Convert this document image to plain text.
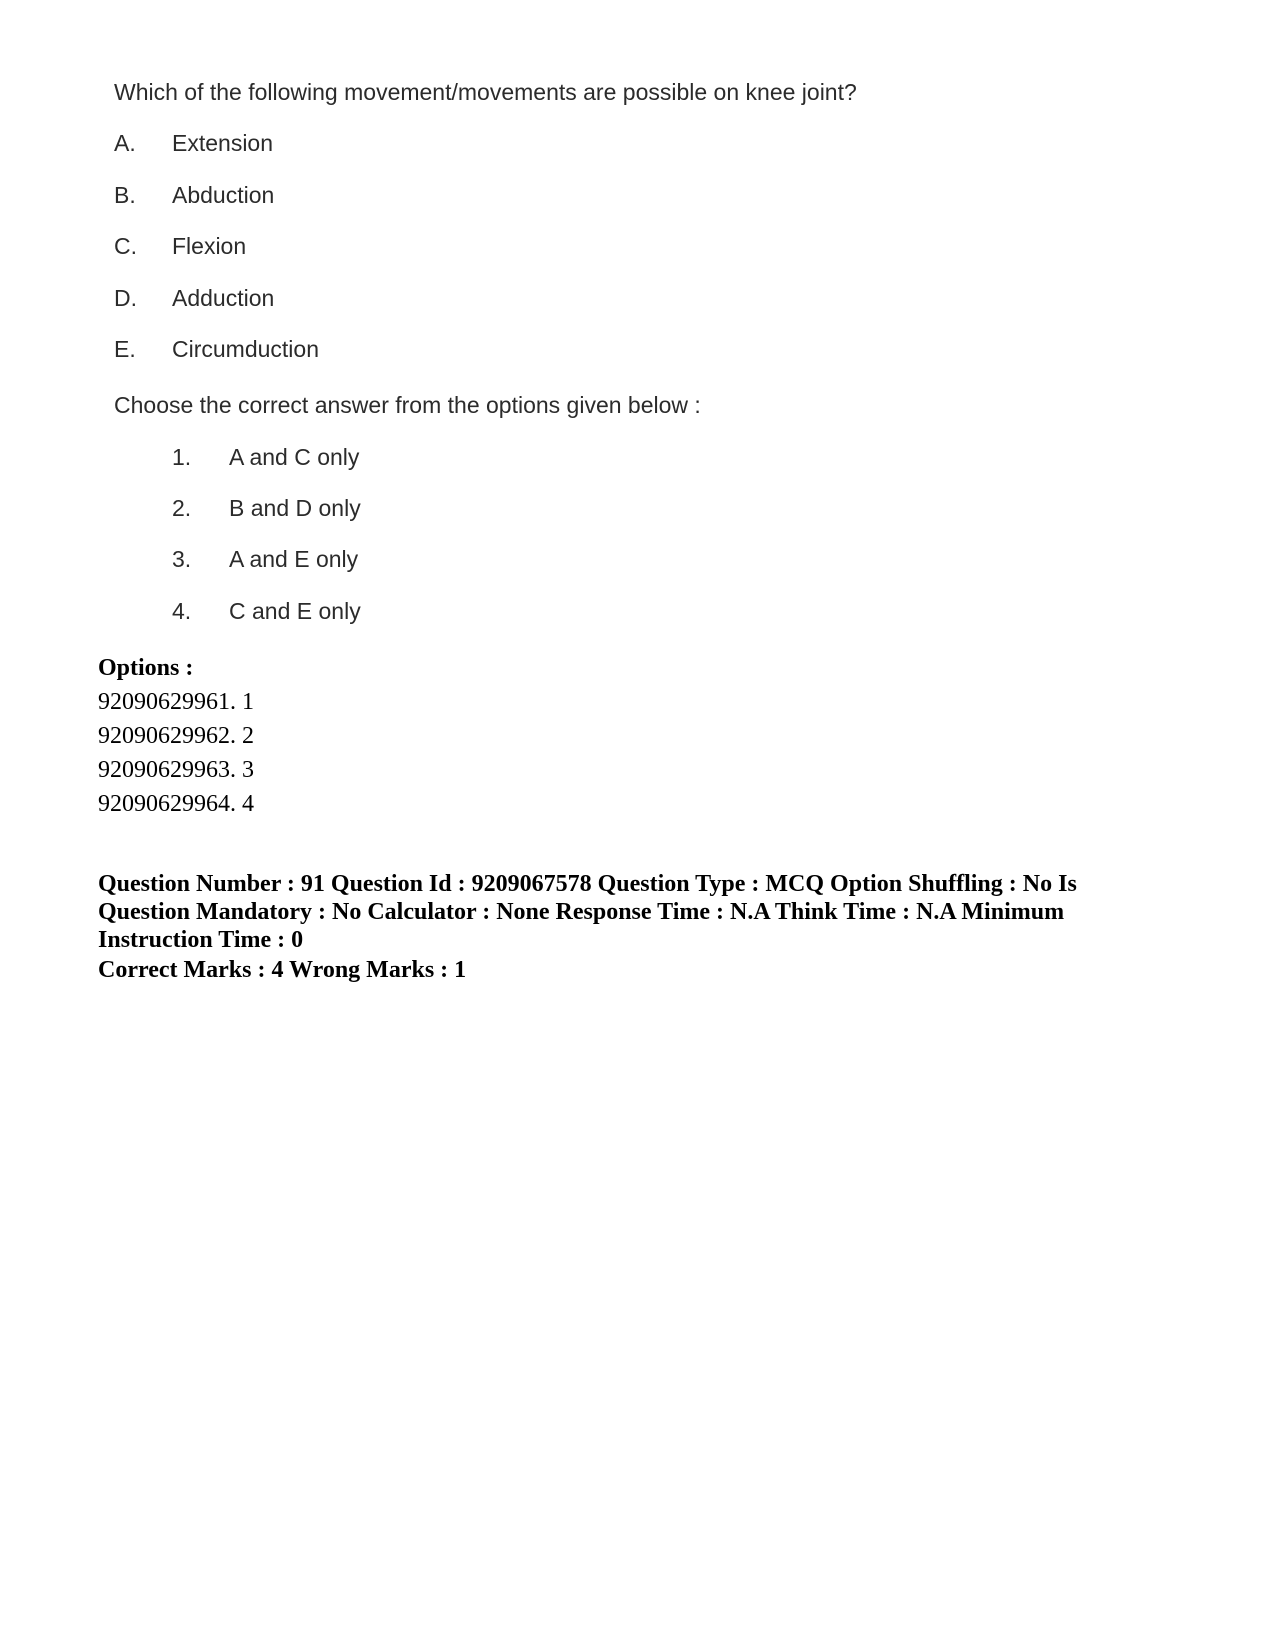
Which of the following movement/movements are possible on knee joint?
A. Extension
B. Abduction
C. Flexion
D. Adduction
E. Circumduction
Choose the correct answer from the options given below :
1. A and C only
2. B and D only
3. A and E only
4. C and E only
Options :
92090629961. 1
92090629962. 2
92090629963. 3
92090629964. 4
Question Number : 91 Question Id : 9209067578 Question Type : MCQ Option Shuffling : No Is Question Mandatory : No Calculator : None Response Time : N.A Think Time : N.A Minimum Instruction Time : 0
Correct Marks : 4 Wrong Marks : 1
